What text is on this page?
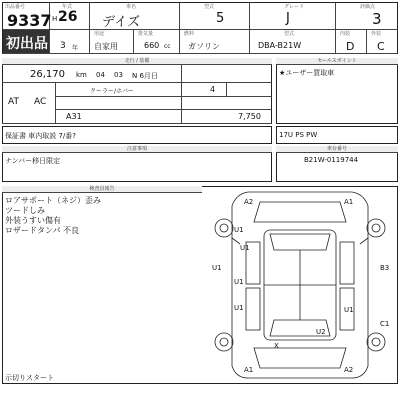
出品番号
9337
初出品
年式
H 26
車名
デイズ
型式
5
グレード
J
評価点
3
3 年
用途
自家用
排気量
660 cc
燃料
ガソリン
型式
DBA-B21W
内装
D
外装
C
走行 / 装備
26,170 km 04 03 N 6月日
AT AC
クーラー/ホバー	4
A31	7,750
セールスポイント
★ユーザー買取車
保証書 車内取説 7/番?	17U PS PW
注意事項
ナンバー移日限定
車台番号
B21W-0119744
検査員報告
ロアサポート（ネジ）歪み
ツードしみ
外装うすい傷有
ロザードタンパ 不良
示切りスタート
A2	A1
U1
U1
U1
U1
U1
B3
U1
C1
U2
A1	A2
X
